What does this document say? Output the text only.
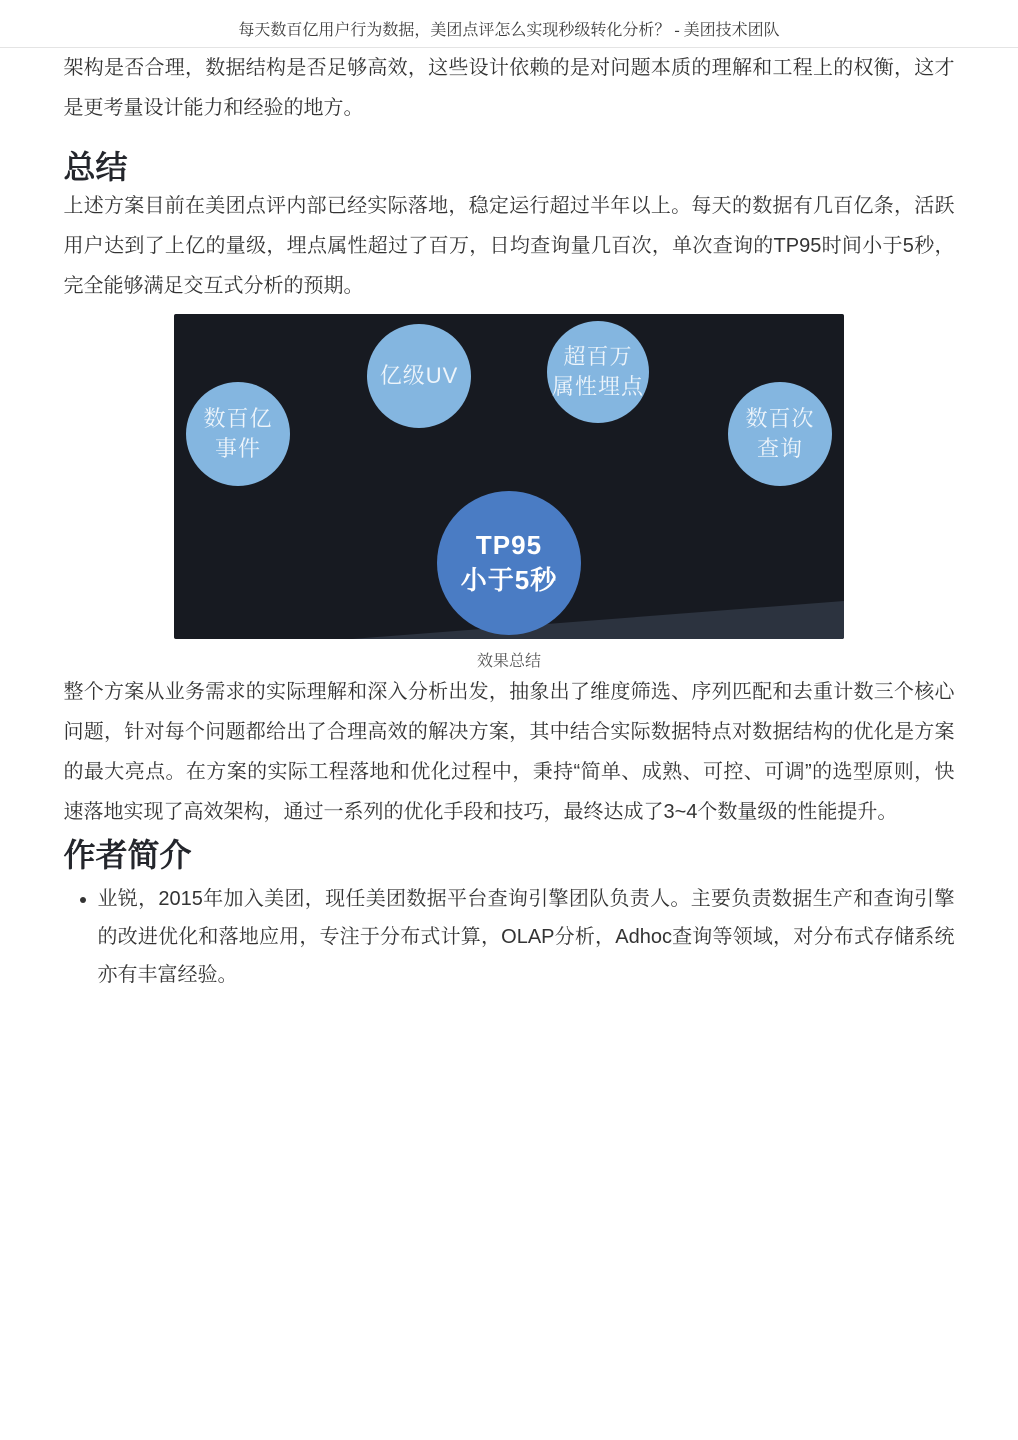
每天数百亿用户行为数据，美团点评怎么实现秒级转化分析？ - 美团技术团队

架构是否合理，数据结构是否足够高效，这些设计依赖的是对问题本质的理解和工程上的权衡，这才是更考量设计能力和经验的地方。

总结

上述方案目前在美团点评内部已经实际落地，稳定运行超过半年以上。每天的数据有几百亿条，活跃用户达到了上亿的量级，埋点属性超过了百万，日均查询量几百次，单次查询的TP95时间小于5秒，完全能够满足交互式分析的预期。

数百亿
事件
亿级UV
超百万
属性埋点
数百次
查询
TP95
小于5秒
效果总结

整个方案从业务需求的实际理解和深入分析出发，抽象出了维度筛选、序列匹配和去重计数三个核心问题，针对每个问题都给出了合理高效的解决方案，其中结合实际数据特点对数据结构的优化是方案的最大亮点。在方案的实际工程落地和优化过程中，秉持“简单、成熟、可控、可调”的选型原则，快速落地实现了高效架构，通过一系列的优化手段和技巧，最终达成了3~4个数量级的性能提升。

作者简介
• 业锐，2015年加入美团，现任美团数据平台查询引擎团队负责人。主要负责数据生产和查询引擎的改进优化和落地应用，专注于分布式计算，OLAP分析，Adhoc查询等领域，对分布式存储系统亦有丰富经验。
